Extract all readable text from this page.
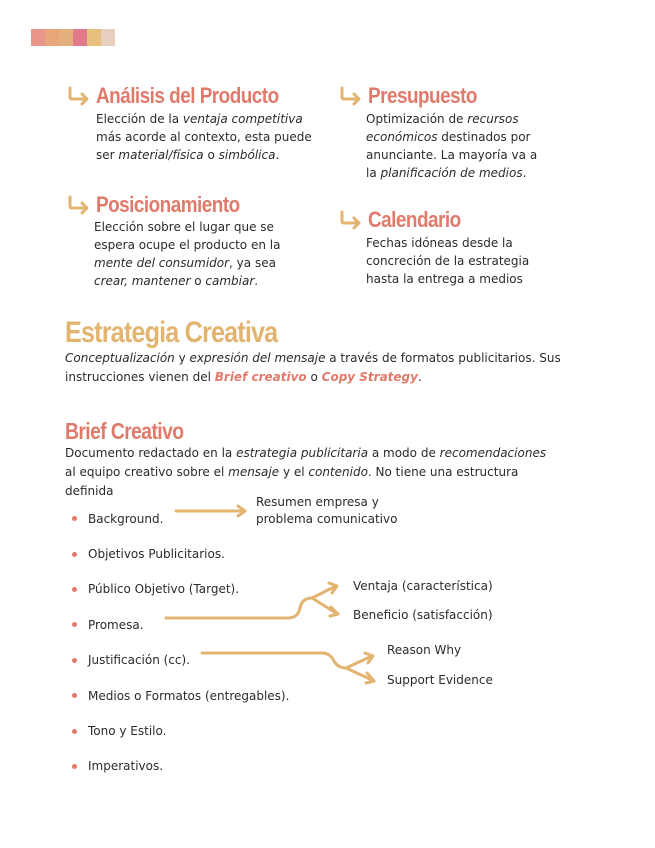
Análisis del Producto
Elección de la ventaja competitiva más acorde al contexto, esta puede ser material/física o simbólica.
Presupuesto
Optimización de recursos económicos destinados por anunciante. La mayoría va a la planificación de medios.
Posicionamiento
Elección sobre el lugar que se espera ocupe el producto en la mente del consumidor, ya sea crear, mantener o cambiar.
Calendario
Fechas idóneas desde la concreción de la estrategia hasta la entrega a medios
Estrategia Creativa
Conceptualización y expresión del mensaje a través de formatos publicitarios. Sus instrucciones vienen del Brief creativo o Copy Strategy.
Brief Creativo
Documento redactado en la estrategia publicitaria a modo de recomendaciones al equipo creativo sobre el mensaje y el contenido. No tiene una estructura definida
Background.
Objetivos Publicitarios.
Público Objetivo (Target).
Promesa.
Justificación (cc).
Medios o Formatos (entregables).
Tono y Estilo.
Imperativos.
Resumen empresa y problema comunicativo
Ventaja (característica)
Beneficio (satisfacción)
Reason Why
Support Evidence
